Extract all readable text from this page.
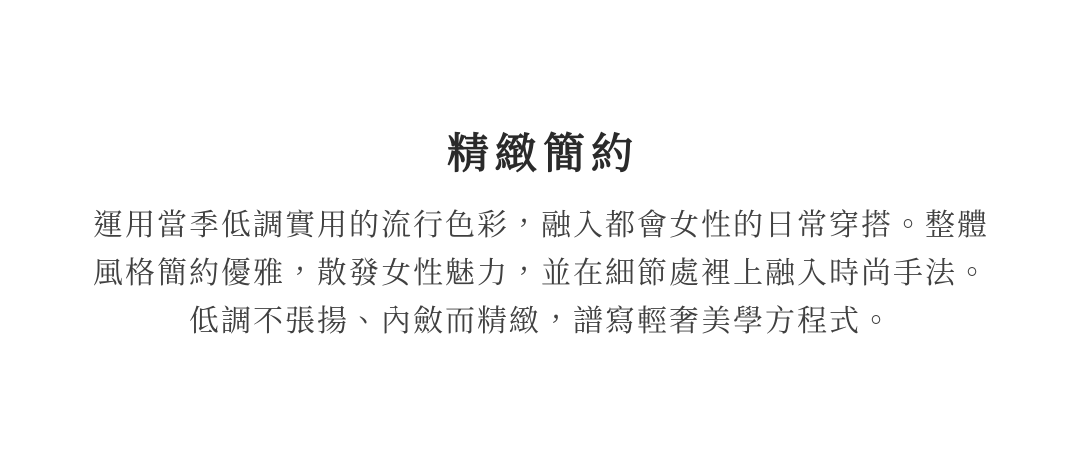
精緻簡約
運用當季低調實用的流行色彩，融入都會女性的日常穿搭。整體
風格簡約優雅，散發女性魅力，並在細節處裡上融入時尚手法。
低調不張揚、內斂而精緻，譜寫輕奢美學方程式。
